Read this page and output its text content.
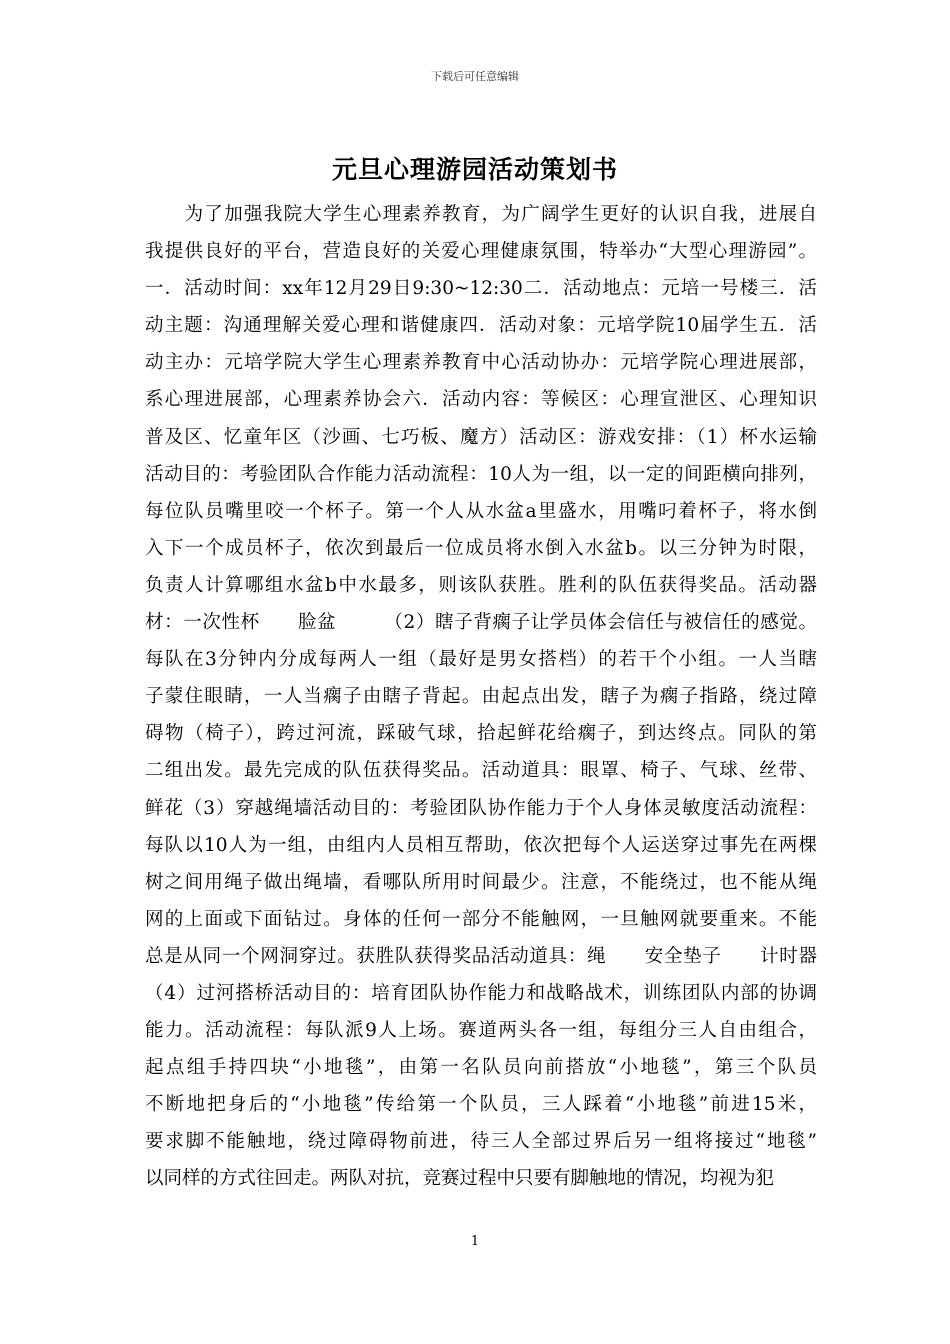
下载后可任意编辑
元旦心理游园活动策划书
　　为了加强我院大学生心理素养教育，为广阔学生更好的认识自我，进展自
我提供良好的平台，营造良好的关爱心理健康氛围，特举办“大型心理游园”。
一．活动时间：xx年12月29日9:30~12:30二．活动地点：元培一号楼三．活
动主题：沟通理解关爱心理和谐健康四．活动对象：元培学院10届学生五．活
动主办：元培学院大学生心理素养教育中心活动协办：元培学院心理进展部，
系心理进展部，心理素养协会六．活动内容：等候区：心理宣泄区、心理知识
普及区、忆童年区（沙画、七巧板、魔方）活动区：游戏安排：（1）杯水运输
活动目的：考验团队合作能力活动流程：10人为一组，以一定的间距横向排列，
每位队员嘴里咬一个杯子。第一个人从水盆a里盛水，用嘴叼着杯子，将水倒
入下一个成员杯子，依次到最后一位成员将水倒入水盆b。以三分钟为时限，
负责人计算哪组水盆b中水最多，则该队获胜。胜利的队伍获得奖品。活动器
材：一次性杯　　脸盆　　　（2）瞎子背瘸子让学员体会信任与被信任的感觉。
每队在3分钟内分成每两人一组（最好是男女搭档）的若干个小组。一人当瞎
子蒙住眼睛，一人当瘸子由瞎子背起。由起点出发，瞎子为瘸子指路，绕过障
碍物（椅子），跨过河流，踩破气球，拾起鲜花给瘸子，到达终点。同队的第
二组出发。最先完成的队伍获得奖品。活动道具：眼罩、椅子、气球、丝带、
鲜花（3）穿越绳墙活动目的：考验团队协作能力于个人身体灵敏度活动流程：
每队以10人为一组，由组内人员相互帮助，依次把每个人运送穿过事先在两棵
树之间用绳子做出绳墙，看哪队所用时间最少。注意，不能绕过，也不能从绳
网的上面或下面钻过。身体的任何一部分不能触网，一旦触网就要重来。不能
总是从同一个网洞穿过。获胜队获得奖品活动道具：绳　　安全垫子　　计时器
（4）过河搭桥活动目的：培育团队协作能力和战略战术，训练团队内部的协调
能力。活动流程：每队派9人上场。赛道两头各一组，每组分三人自由组合，
起点组手持四块“小地毯”，由第一名队员向前搭放“小地毯”，第三个队员
不断地把身后的“小地毯”传给第一个队员，三人踩着“小地毯”前进15米，
要求脚不能触地，绕过障碍物前进，待三人全部过界后另一组将接过“地毯”
以同样的方式往回走。两队对抗，竞赛过程中只要有脚触地的情况，均视为犯
1
